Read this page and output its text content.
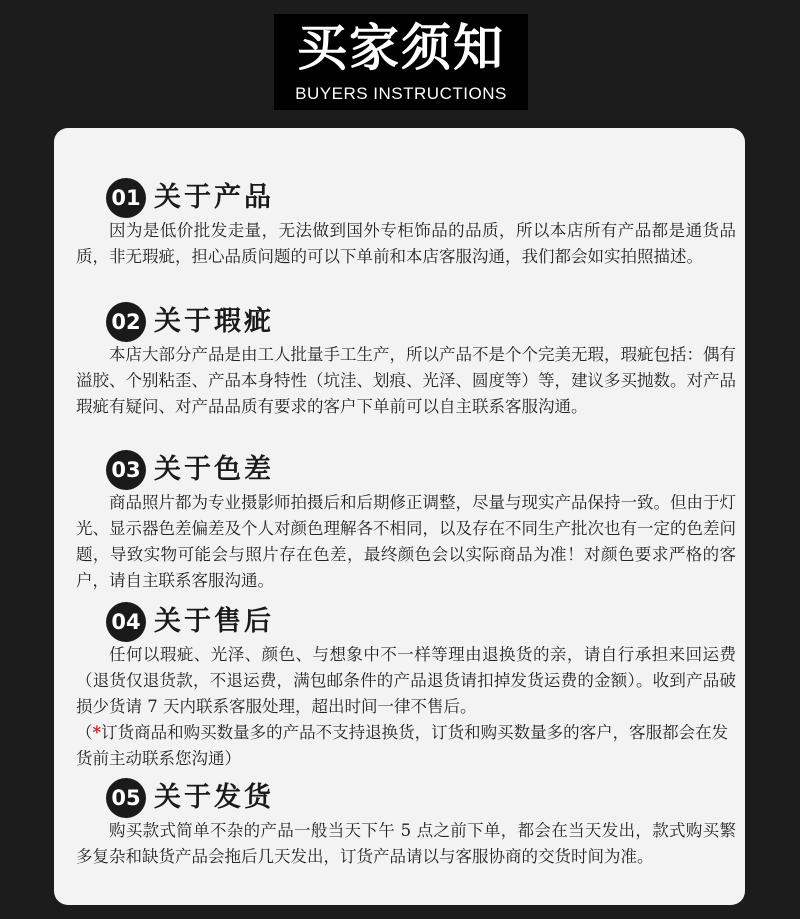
买家须知
BUYERS INSTRUCTIONS
01 关于产品

因为是低价批发走量，无法做到国外专柜饰品的品质，所以本店所有产品都是通货品质，非无瑕疵，担心品质问题的可以下单前和本店客服沟通，我们都会如实拍照描述。

02 关于瑕疵

本店大部分产品是由工人批量手工生产，所以产品不是个个完美无瑕，瑕疵包括：偶有溢胶、个别粘歪、产品本身特性（坑洼、划痕、光泽、圆度等）等，建议多买抛数。对产品瑕疵有疑问、对产品品质有要求的客户下单前可以自主联系客服沟通。

03 关于色差

商品照片都为专业摄影师拍摄后和后期修正调整，尽量与现实产品保持一致。但由于灯光、显示器色差偏差及个人对颜色理解各不相同，以及存在不同生产批次也有一定的色差问题，导致实物可能会与照片存在色差，最终颜色会以实际商品为准！对颜色要求严格的客户，请自主联系客服沟通。

04 关于售后

任何以瑕疵、光泽、颜色、与想象中不一样等理由退换货的亲，请自行承担来回运费（退货仅退货款，不退运费，满包邮条件的产品退货请扣掉发货运费的金额）。收到产品破损少货请 7 天内联系客服处理，超出时间一律不售后。

（*订货商品和购买数量多的产品不支持退换货，订货和购买数量多的客户，客服都会在发货前主动联系您沟通）

05 关于发货

购买款式简单不杂的产品一般当天下午 5 点之前下单，都会在当天发出，款式购买繁多复杂和缺货产品会拖后几天发出，订货产品请以与客服协商的交货时间为准。
